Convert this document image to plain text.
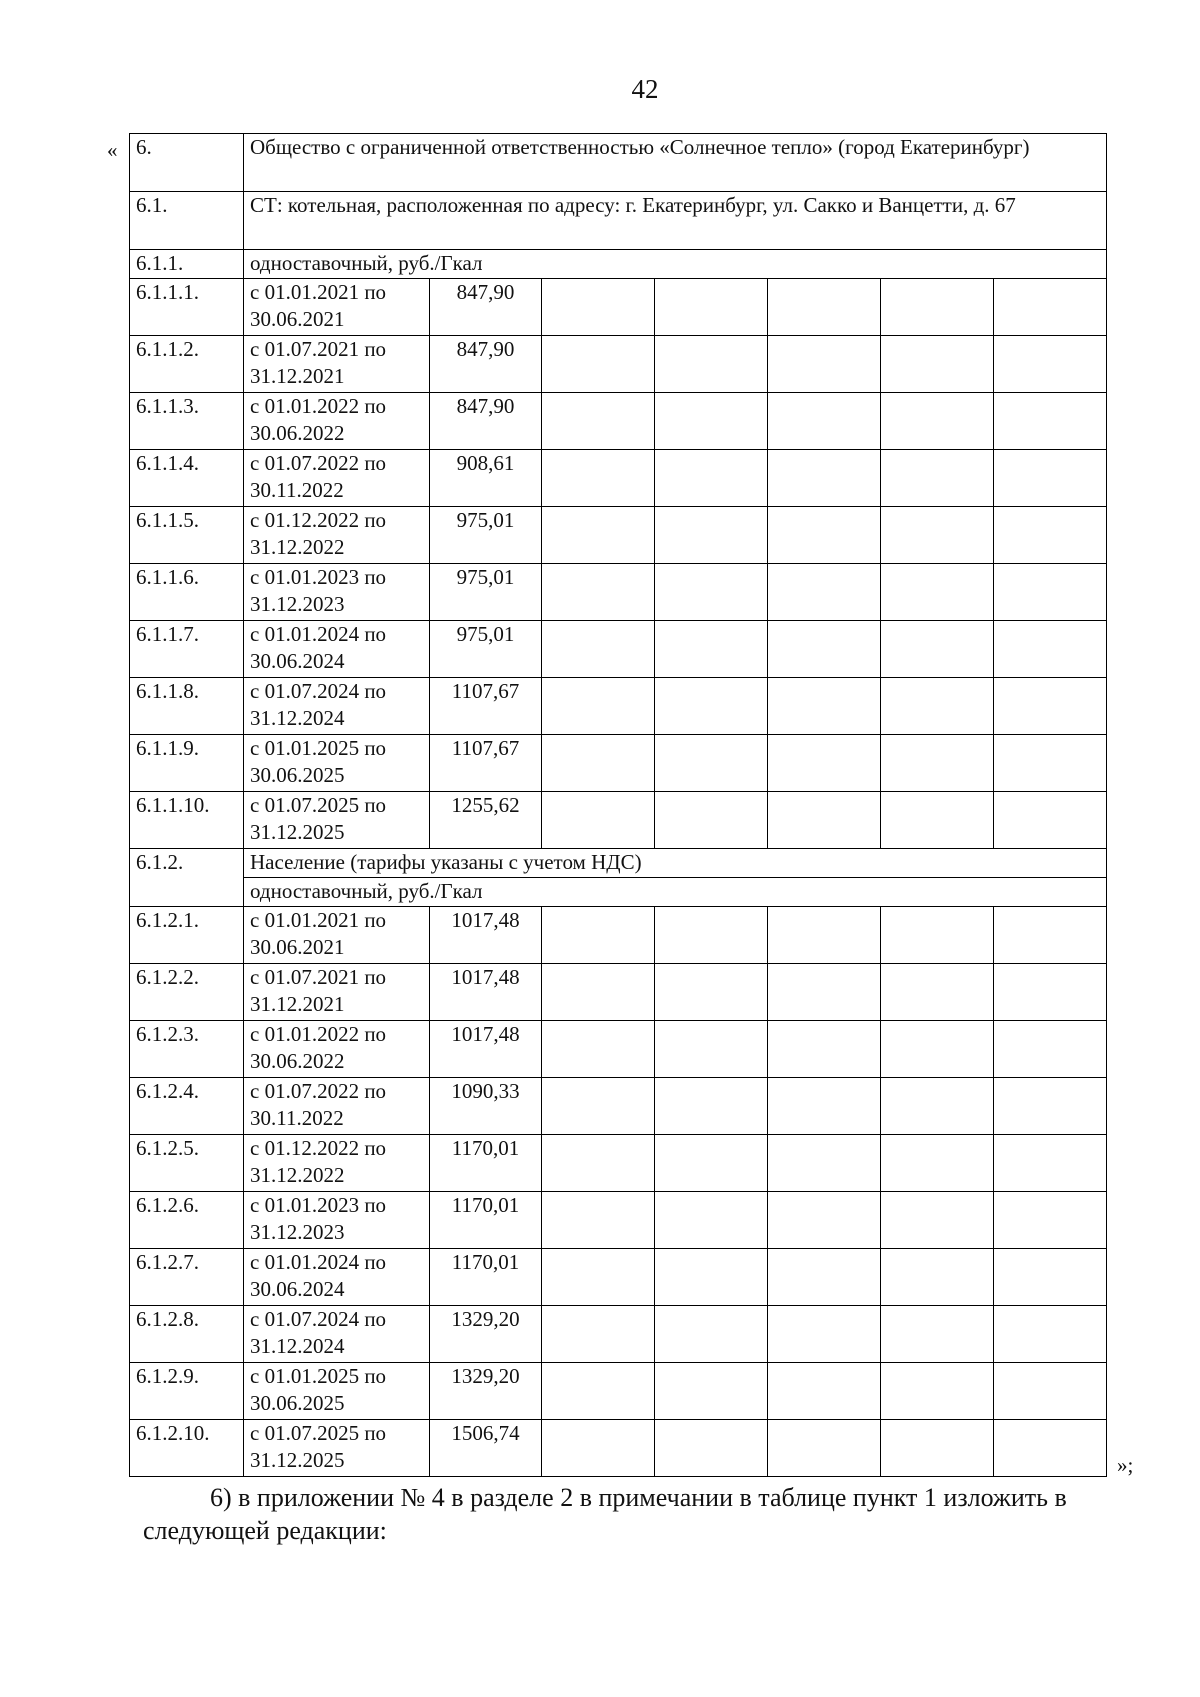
42
« 6.	Общество с ограниченной ответственностью «Солнечное тепло» (город Екатеринбург)						
6.1.	СТ: котельная, расположенная по адресу: г. Екатеринбург, ул. Сакко и Ванцетти, д. 67						
6.1.1.	одноставочный, руб./Гкал						
6.1.1.1.	с 01.01.2021 по 30.06.2021	847,90					
6.1.1.2.	с 01.07.2021 по 31.12.2021	847,90					
6.1.1.3.	с 01.01.2022 по 30.06.2022	847,90					
6.1.1.4.	с 01.07.2022 по 30.11.2022	908,61					
6.1.1.5.	с 01.12.2022 по 31.12.2022	975,01					
6.1.1.6.	с 01.01.2023 по 31.12.2023	975,01					
6.1.1.7.	с 01.01.2024 по 30.06.2024	975,01					
6.1.1.8.	с 01.07.2024 по 31.12.2024	1107,67					
6.1.1.9.	с 01.01.2025 по 30.06.2025	1107,67					
6.1.1.10.	с 01.07.2025 по 31.12.2025	1255,62					
6.1.2.	Население (тарифы указаны с учетом НДС)						
	одноставочный, руб./Гкал						
6.1.2.1.	с 01.01.2021 по 30.06.2021	1017,48					
6.1.2.2.	с 01.07.2021 по 31.12.2021	1017,48					
6.1.2.3.	с 01.01.2022 по 30.06.2022	1017,48					
6.1.2.4.	с 01.07.2022 по 30.11.2022	1090,33					
6.1.2.5.	с 01.12.2022 по 31.12.2022	1170,01					
6.1.2.6.	с 01.01.2023 по 31.12.2023	1170,01					
6.1.2.7.	с 01.01.2024 по 30.06.2024	1170,01					
6.1.2.8.	с 01.07.2024 по 31.12.2024	1329,20					
6.1.2.9.	с 01.01.2025 по 30.06.2025	1329,20					
6.1.2.10.	с 01.07.2025 по 31.12.2025	1506,74					
»;
6) в приложении № 4 в разделе 2 в примечании в таблице пункт 1 изложить в следующей редакции:
